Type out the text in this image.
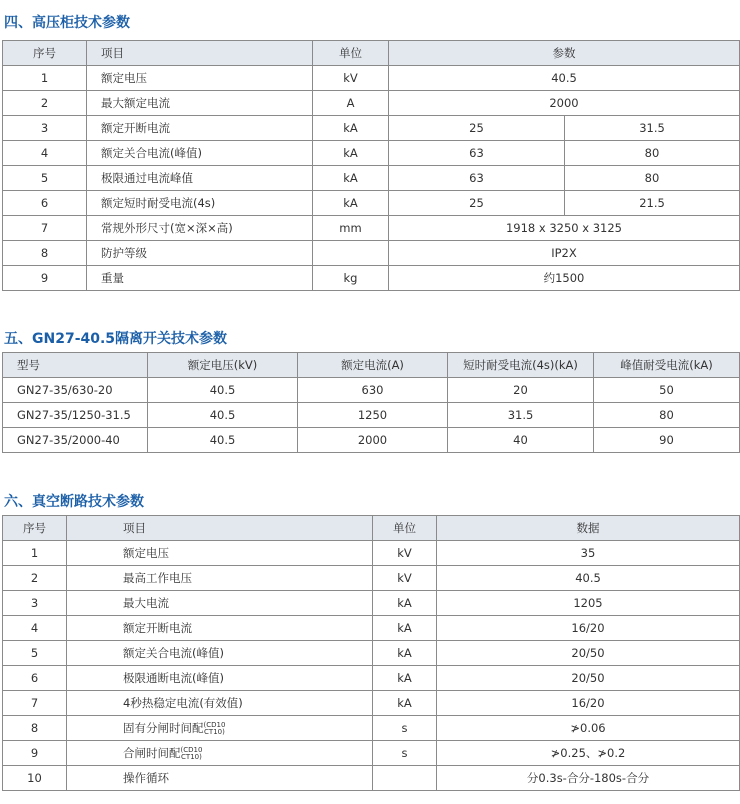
四、高压柜技术参数
序号	项目	单位	参数	
1	额定电压	kV	40.5	
2	最大额定电流	A	2000	
3	额定开断电流	kA	25	31.5
4	额定关合电流(峰值)	kA	63	80
5	极限通过电流峰值	kA	63	80
6	额定短时耐受电流(4s)	kA	25	21.5
7	常规外形尺寸(宽×深×高)	mm	1918 x 3250 x 3125	
8	防护等级		IP2X	
9	重量	kg	约1500	
五、GN27-40.5隔离开关技术参数
型号	额定电压(kV)	额定电流(A)	短时耐受电流(4s)(kA)	峰值耐受电流(kA)
GN27-35/630-20	40.5	630	20	50
GN27-35/1250-31.5	40.5	1250	31.5	80
GN27-35/2000-40	40.5	2000	40	90
六、真空断路技术参数
序号	项目	单位	数据
1	额定电压	kV	35
2	最高工作电压	kV	40.5
3	最大电流	kA	1205
4	额定开断电流	kA	16/20
5	额定关合电流(峰值)	kA	20/50
6	极限通断电流(峰值)	kA	20/50
7	4秒热稳定电流(有效值)	kA	16/20
8	固有分闸时间配(CD10
CT10)	s	≯0.06
9	合闸时间配(CD10
CT10)	s	≯0.25、≯0.2
10	操作循环		分0.3s-合分-180s-合分
